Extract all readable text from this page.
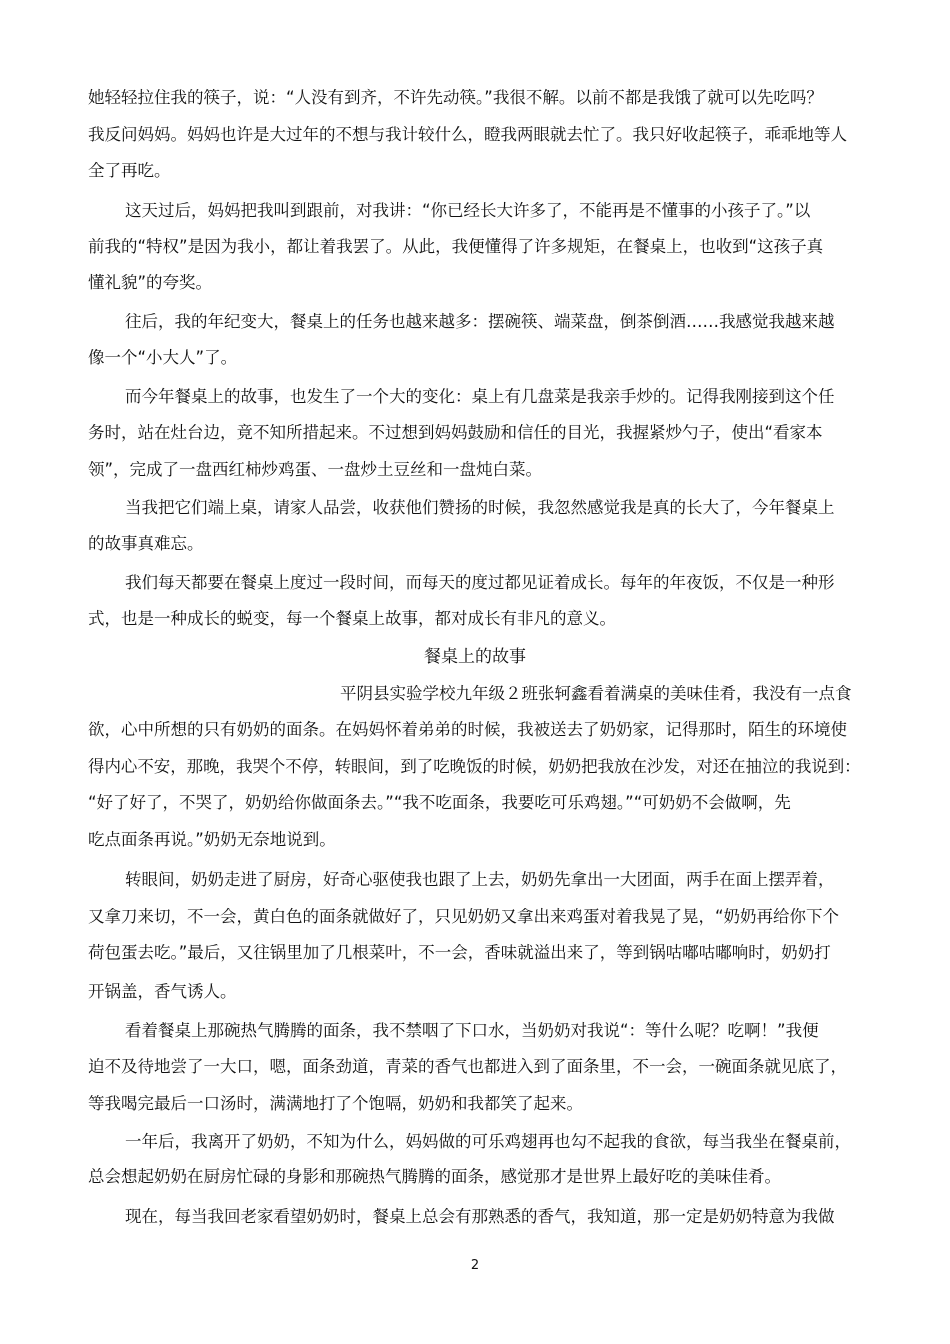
她轻轻拉住我的筷子，说：“人没有到齐，不许先动筷。”我很不解。以前不都是我饿了就可以先吃吗？
我反问妈妈。妈妈也许是大过年的不想与我计较什么，瞪我两眼就去忙了。我只好收起筷子，乖乖地等人
全了再吃。
这天过后，妈妈把我叫到跟前，对我讲：“你已经长大许多了，不能再是不懂事的小孩子了。”以
前我的“特权”是因为我小，都让着我罢了。从此，我便懂得了许多规矩，在餐桌上，也收到“这孩子真
懂礼貌”的夸奖。
往后，我的年纪变大，餐桌上的任务也越来越多：摆碗筷、端菜盘，倒茶倒酒……我感觉我越来越
像一个“小大人”了。
而今年餐桌上的故事，也发生了一个大的变化：桌上有几盘菜是我亲手炒的。记得我刚接到这个任
务时，站在灶台边，竟不知所措起来。不过想到妈妈鼓励和信任的目光，我握紧炒勺子，使出“看家本
领”，完成了一盘西红柿炒鸡蛋、一盘炒土豆丝和一盘炖白菜。
当我把它们端上桌，请家人品尝，收获他们赞扬的时候，我忽然感觉我是真的长大了，今年餐桌上
的故事真难忘。
我们每天都要在餐桌上度过一段时间，而每天的度过都见证着成长。每年的年夜饭，不仅是一种形
式，也是一种成长的蜕变，每一个餐桌上故事，都对成长有非凡的意义。
餐桌上的故事
平阴县实验学校九年级２班张轲鑫看着满桌的美味佳肴，我没有一点食
欲，心中所想的只有奶奶的面条。在妈妈怀着弟弟的时候，我被送去了奶奶家，记得那时，陌生的环境使
得内心不安，那晚，我哭个不停，转眼间，到了吃晚饭的时候，奶奶把我放在沙发，对还在抽泣的我说到：
“好了好了，不哭了，奶奶给你做面条去。”“我不吃面条，我要吃可乐鸡翅。”“可奶奶不会做啊，先
吃点面条再说。”奶奶无奈地说到。
转眼间，奶奶走进了厨房，好奇心驱使我也跟了上去，奶奶先拿出一大团面，两手在面上摆弄着，
又拿刀来切，不一会，黄白色的面条就做好了，只见奶奶又拿出来鸡蛋对着我晃了晃，“奶奶再给你下个
荷包蛋去吃。”最后，又往锅里加了几根菜叶，不一会，香味就溢出来了，等到锅咕嘟咕嘟响时，奶奶打
开锅盖，香气诱人。
看着餐桌上那碗热气腾腾的面条，我不禁咽了下口水，当奶奶对我说“：等什么呢？吃啊！”我便
迫不及待地尝了一大口，嗯，面条劲道，青菜的香气也都进入到了面条里，不一会，一碗面条就见底了，
等我喝完最后一口汤时，满满地打了个饱嗝，奶奶和我都笑了起来。
一年后，我离开了奶奶，不知为什么，妈妈做的可乐鸡翅再也勾不起我的食欲，每当我坐在餐桌前，
总会想起奶奶在厨房忙碌的身影和那碗热气腾腾的面条，感觉那才是世界上最好吃的美味佳肴。
现在，每当我回老家看望奶奶时，餐桌上总会有那熟悉的香气，我知道，那一定是奶奶特意为我做
2
